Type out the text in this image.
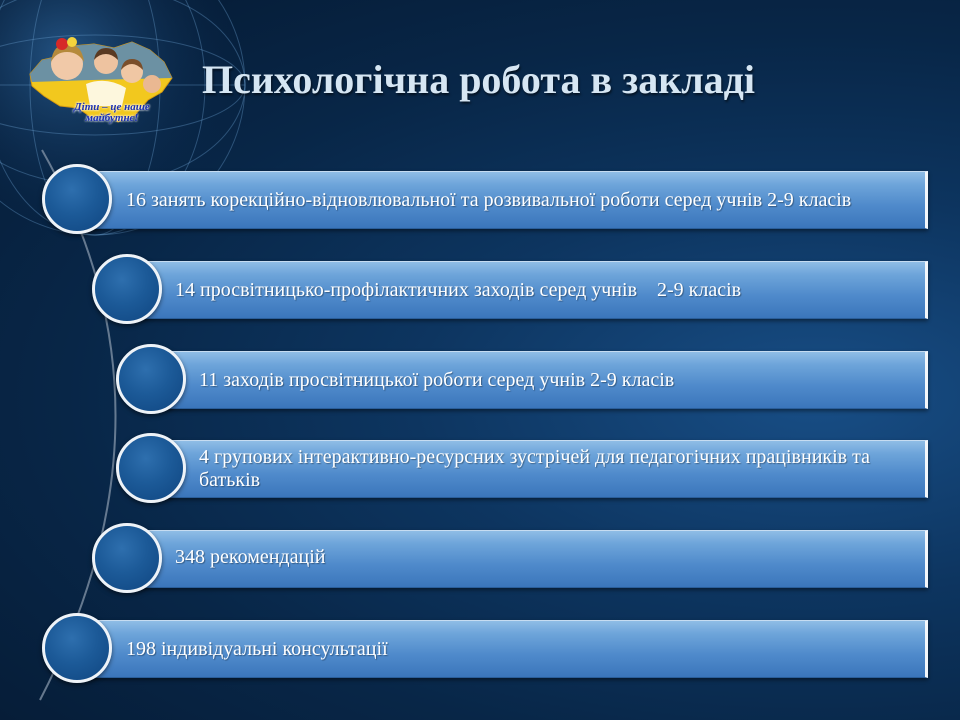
Діти – це наше майбутнє!
Психологічна робота в закладі
16 занять корекційно-відновлювальної та розвивальної роботи серед учнів 2-9 класів
14 просвітницько-профілактичних заходів серед учнів    2-9 класів
11 заходів просвітницької роботи серед учнів 2-9 класів
4 групових інтерактивно-ресурсних зустрічей для педагогічних працівників та батьків
348 рекомендацій
198 індивідуальні консультації
